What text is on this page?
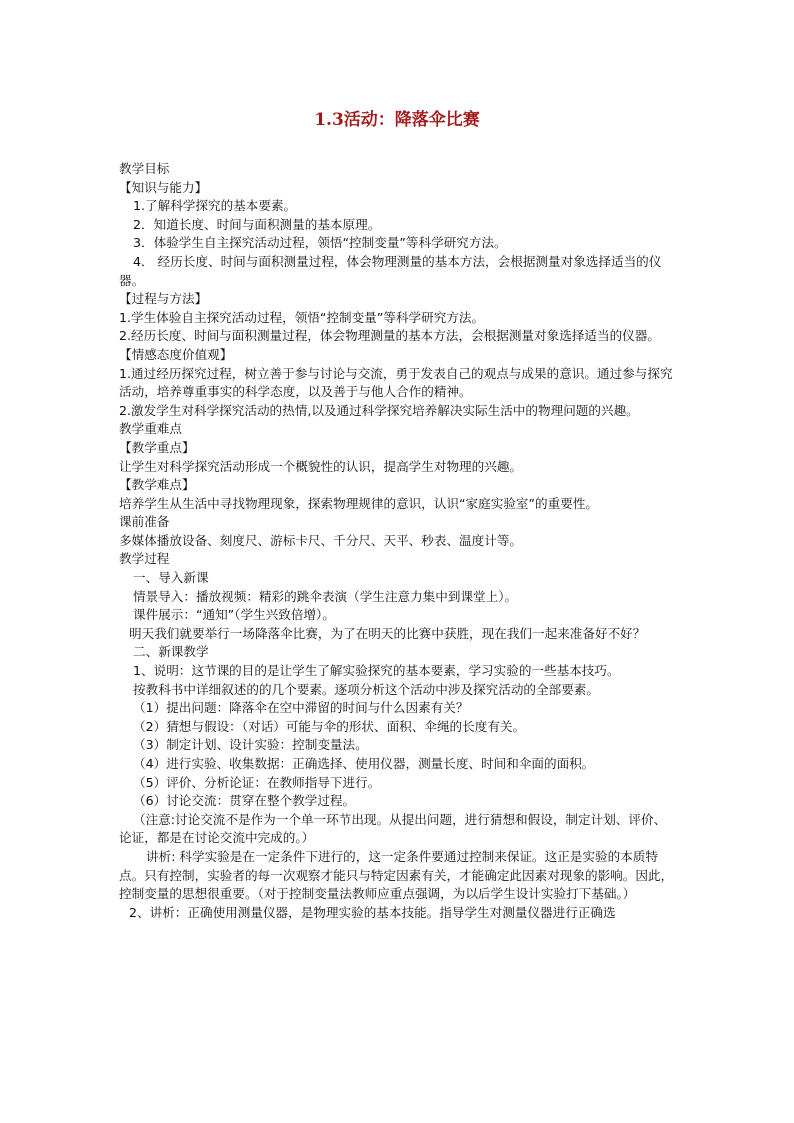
1.3活动：降落伞比赛

教学目标

【知识与能力】

1.了解科学探究的基本要素。

2．知道长度、时间与面积测量的基本原理。

3．体验学生自主探究活动过程，领悟“控制变量”等科学研究方法。

4． 经历长度、时间与面积测量过程，体会物理测量的基本方法，会根据测量对象选择适当的仪器。

【过程与方法】

1.学生体验自主探究活动过程，领悟“控制变量”等科学研究方法。

2.经历长度、时间与面积测量过程，体会物理测量的基本方法，会根据测量对象选择适当的仪器。

【情感态度价值观】

1.通过经历探究过程，树立善于参与讨论与交流，勇于发表自己的观点与成果的意识。通过参与探究活动，培养尊重事实的科学态度，以及善于与他人合作的精神。

2.激发学生对科学探究活动的热情,以及通过科学探究培养解决实际生活中的物理问题的兴趣。

教学重难点

【教学重点】

让学生对科学探究活动形成一个概貌性的认识，提高学生对物理的兴趣。

【教学难点】

培养学生从生活中寻找物理现象，探索物理规律的意识，认识“家庭实验室”的重要性。

课前准备

多媒体播放设备、刻度尺、游标卡尺、千分尺、天平、秒表、温度计等。

教学过程

一、导入新课

情景导入：播放视频：精彩的跳伞表演（学生注意力集中到课堂上）。

课件展示：“通知”（学生兴致倍增）。

明天我们就要举行一场降落伞比赛，为了在明天的比赛中获胜，现在我们一起来准备好不好？

二、新课教学

1、说明：这节课的目的是让学生了解实验探究的基本要素，学习实验的一些基本技巧。

按教科书中详细叙述的的几个要素。逐项分析这个活动中涉及探究活动的全部要素。

（1）提出问题：降落伞在空中滞留的时间与什么因素有关？

（2）猜想与假设：（对话）可能与伞的形状、面积、伞绳的长度有关。

（3）制定计划、设计实验：控制变量法。

（4）进行实验、收集数据：正确选择、使用仪器，测量长度、时间和伞面的面积。

（5）评价、分析论证：在教师指导下进行。

（6）讨论交流：贯穿在整个教学过程。

（注意:讨论交流不是作为一个单一环节出现。从提出问题，进行猜想和假设，制定计划、评价、论证，都是在讨论交流中完成的。）

讲析: 科学实验是在一定条件下进行的，这一定条件要通过控制来保证。这正是实验的本质特点。只有控制，实验者的每一次观察才能只与特定因素有关，才能确定此因素对现象的影响。因此，控制变量的思想很重要。（对于控制变量法教师应重点强调，为以后学生设计实验打下基础。）

2、讲析：正确使用测量仪器，是物理实验的基本技能。指导学生对测量仪器进行正确选
